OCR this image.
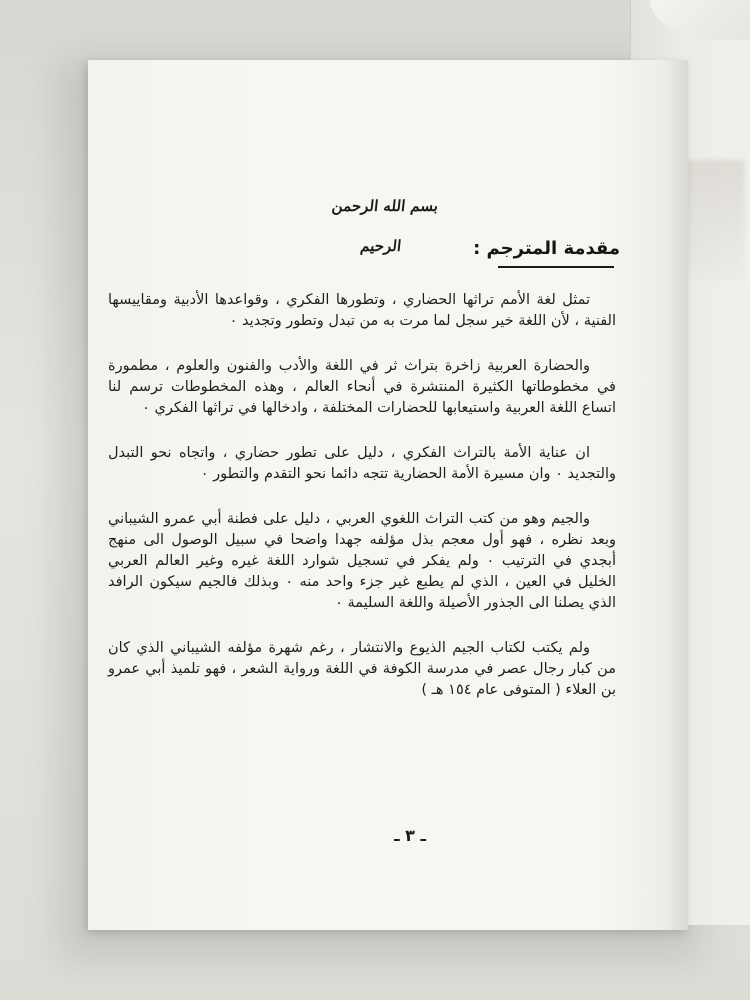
بسم الله الرحمن الرحيم	مقدمة المترجم :

تمثل لغة الأمم تراثها الحضاري ، وتطورها الفكري ، وقواعدها الأدبية ومقاييسها الفنية ، لأن اللغة خير سجل لما مرت به من تبدل وتطور وتجديد ٠

والحضارة العربية زاخرة بتراث ثر في اللغة والأدب والفنون والعلوم ، مطمورة في مخطوطاتها الكثيرة المنتشرة في أنحاء العالم ، وهذه المخطوطات ترسم لنا اتساع اللغة العربية واستيعابها للحضارات المختلفة ، وادخالها في تراثها الفكري ٠

ان عناية الأمة بالتراث الفكري ، دليل على تطور حضاري ، واتجاه نحو التبدل والتجديد ٠ وان مسيرة الأمة الحضارية تتجه دائما نحو التقدم والتطور ٠

والجيم وهو من كتب التراث اللغوي العربي ، دليل على فطنة أبي عمرو الشيباني وبعد نظره ، فهو أول معجم بذل مؤلفه جهدا واضحا في سبيل الوصول الى منهج أبجدي في الترتيب ٠ ولم يفكر في تسجيل شوارد اللغة غيره وغير العالم العربي الخليل في العين ، الذي لم يطبع غير جزء واحد منه ٠ وبذلك فالجيم سيكون الرافد الذي يصلنا الى الجذور الأصيلة واللغة السليمة ٠

ولم يكتب لكتاب الجيم الذيوع والانتشار ، رغم شهرة مؤلفه الشيباني الذي كان من كبار رجال عصر في مدرسة الكوفة في اللغة ورواية الشعر ، فهو تلميذ أبي عمرو بن العلاء ( المتوفى عام ١٥٤ هـ )

ـ ٣ ـ
